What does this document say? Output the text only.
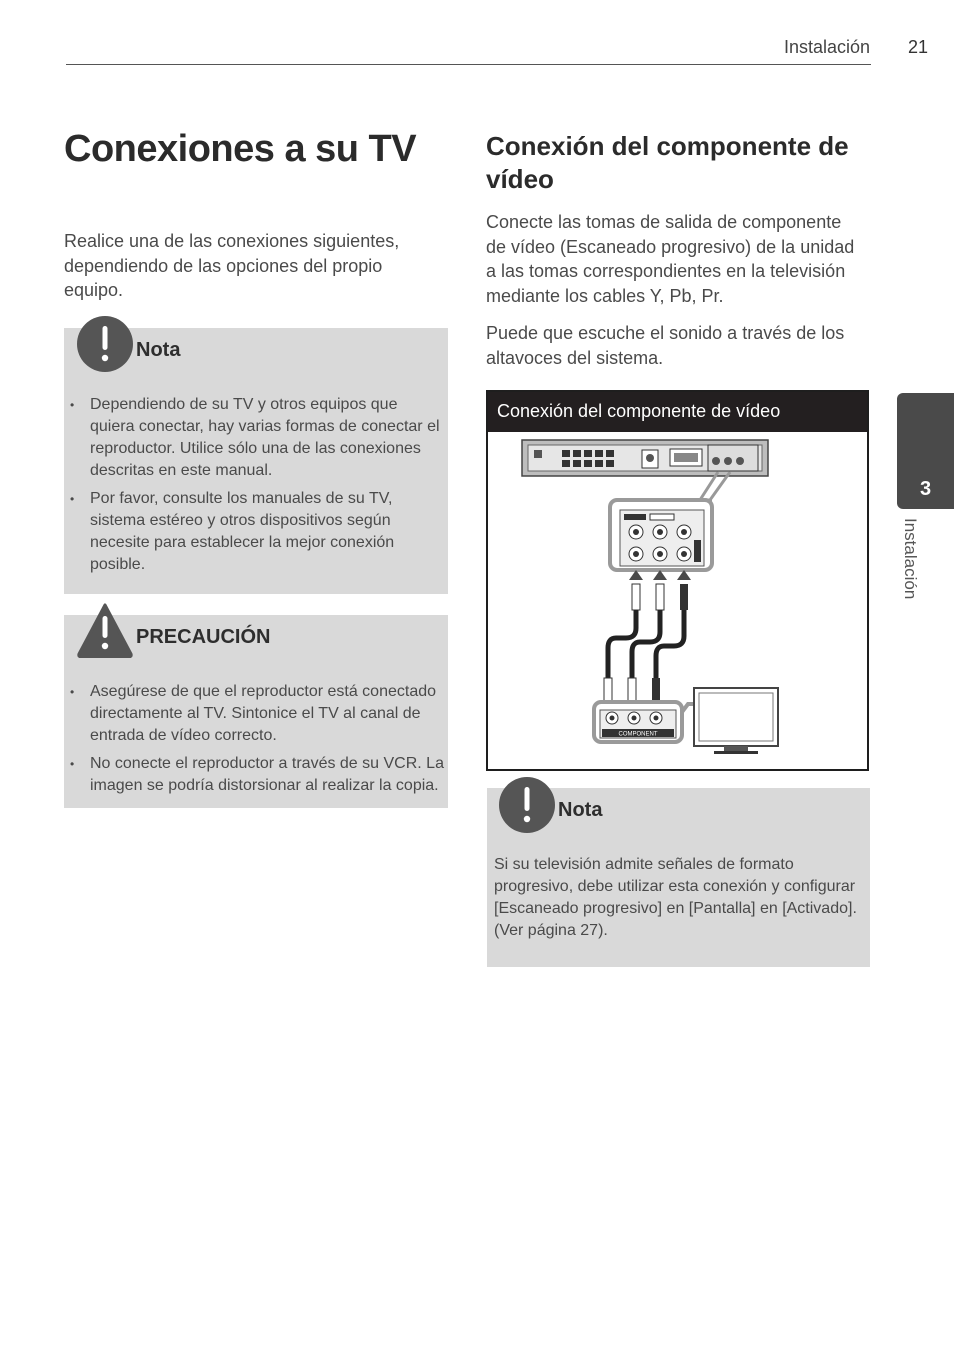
Instalación 21
Conexiones a su TV

Realice una de las conexiones siguientes, dependiendo de las opciones del propio equipo.

Nota
• Dependiendo de su TV y otros equipos que quiera conectar, hay varias formas de conectar el reproductor. Utilice sólo una de las conexiones descritas en este manual.
• Por favor, consulte los manuales de su TV, sistema estéreo y otros dispositivos según necesite para establecer la mejor conexión posible.
PRECAUCIÓN
• Asegúrese de que el reproductor está conectado directamente al TV. Sintonice el TV al canal de entrada de vídeo correcto.
• No conecte el reproductor a través de su VCR. La imagen se podría distorsionar al realizar la copia.
Conexión del componente de vídeo

Conecte las tomas de salida de componente de vídeo (Escaneado progresivo) de la unidad a las tomas correspondientes en la televisión mediante los cables Y, Pb, Pr.

Puede que escuche el sonido a través de los altavoces del sistema.

Conexión del componente de vídeo
COMPONENT
Nota

Si su televisión admite señales de formato progresivo, debe utilizar esta conexión y configurar [Escaneado progresivo] en [Pantalla] en [Activado]. (Ver página 27).

3
Instalación
